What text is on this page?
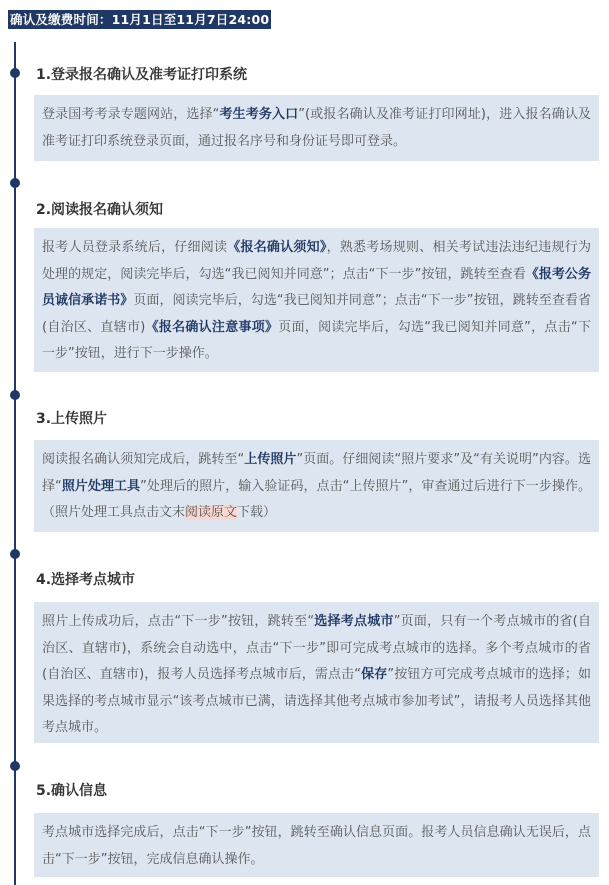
确认及缴费时间：11月1日至11月7日24:00
1.登录报名确认及准考证打印系统
登录国考考录专题网站，选择“考生考务入口”(或报名确认及准考证打印网址)，进入报名确认及准考证打印系统登录页面，通过报名序号和身份证号即可登录。
2.阅读报名确认须知
报考人员登录系统后，仔细阅读《报名确认须知》，熟悉考场规则、相关考试违法违纪违规行为处理的规定，阅读完毕后，勾选“我已阅知并同意”；点击“下一步”按钮，跳转至查看《报考公务员诚信承诺书》页面，阅读完毕后，勾选“我已阅知并同意”；点击“下一步”按钮，跳转至查看省(自治区、直辖市)《报名确认注意事项》页面，阅读完毕后，勾选“我已阅知并同意”，点击“下一步”按钮，进行下一步操作。
3.上传照片
阅读报名确认须知完成后，跳转至“上传照片”页面。仔细阅读“照片要求”及“有关说明”内容。选择“照片处理工具”处理后的照片，输入验证码，点击“上传照片”，审查通过后进行下一步操作。（照片处理工具点击文末阅读原文下载）
4.选择考点城市
照片上传成功后，点击“下一步”按钮，跳转至“选择考点城市”页面，只有一个考点城市的省(自治区、直辖市)，系统会自动选中，点击“下一步”即可完成考点城市的选择。多个考点城市的省(自治区、直辖市)，报考人员选择考点城市后，需点击“保存”按钮方可完成考点城市的选择；如果选择的考点城市显示“该考点城市已满，请选择其他考点城市参加考试”，请报考人员选择其他考点城市。
5.确认信息
考点城市选择完成后，点击“下一步”按钮，跳转至确认信息页面。报考人员信息确认无误后，点击“下一步”按钮，完成信息确认操作。
